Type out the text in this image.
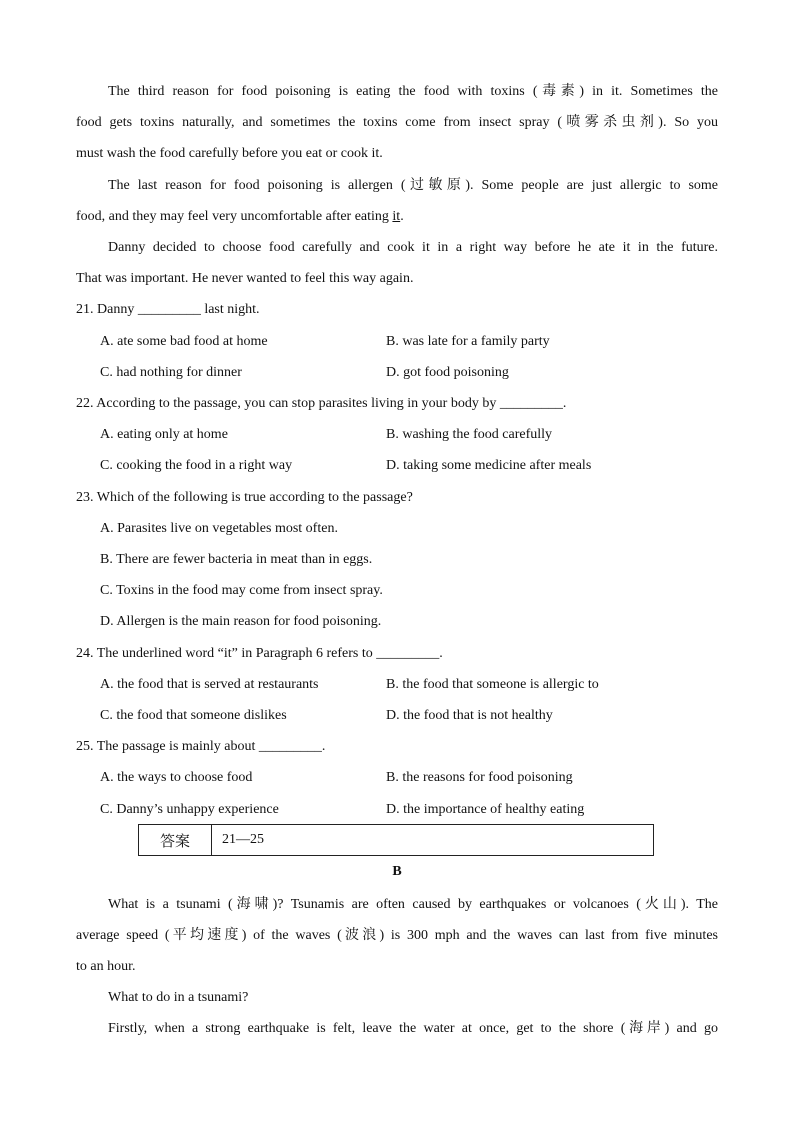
The third reason for food poisoning is eating the food with toxins (毒素) in it. Sometimes the
food gets toxins naturally, and sometimes the toxins come from insect spray (喷雾杀虫剂). So you
must wash the food carefully before you eat or cook it.
The last reason for food poisoning is allergen (过敏原). Some people are just allergic to some
food, and they may feel very uncomfortable after eating it.
Danny decided to choose food carefully and cook it in a right way before he ate it in the future.
That was important. He never wanted to feel this way again.
21. Danny _________ last night.
A. ate some bad food at home	B. was late for a family party
C. had nothing for dinner	D. got food poisoning
22. According to the passage, you can stop parasites living in your body by _________.
A. eating only at home	B. washing the food carefully
C. cooking the food in a right way	D. taking some medicine after meals
23. Which of the following is true according to the passage?
A. Parasites live on vegetables most often.
B. There are fewer bacteria in meat than in eggs.
C. Toxins in the food may come from insect spray.
D. Allergen is the main reason for food poisoning.
24. The underlined word “it” in Paragraph 6 refers to _________.
A. the food that is served at restaurants	B. the food that someone is allergic to
C. the food that someone dislikes	D. the food that is not healthy
25. The passage is mainly about _________.
A. the ways to choose food	B. the reasons for food poisoning
C. Danny’s unhappy experience	D. the importance of healthy eating
答案	21—25
B
What is a tsunami (海啸)? Tsunamis are often caused by earthquakes or volcanoes (火山). The
average speed (平均速度) of the waves (波浪) is 300 mph and the waves can last from five minutes
to an hour.
What to do in a tsunami?
Firstly, when a strong earthquake is felt, leave the water at once, get to the shore (海岸) and go
